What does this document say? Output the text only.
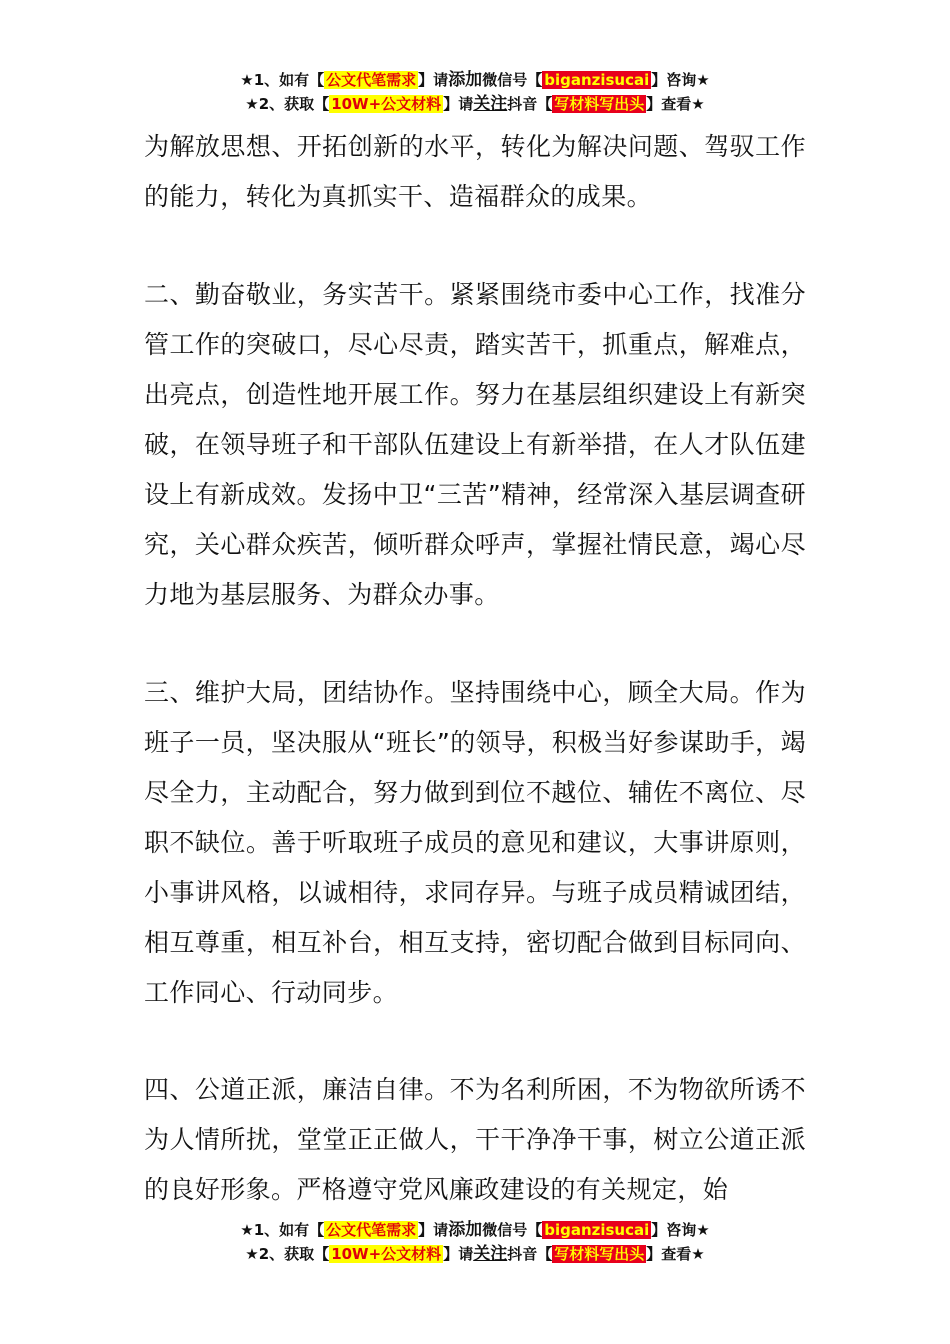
★1、如有【 公文代笔需求 】请添加微信号【 biganzisucai 】咨询★
★2、获取【 10W+公文材料 】请关注抖音【 写材料写出头 】查看★

为解放思想、开拓创新的水平，转化为解决问题、驾驭工作的能力，转化为真抓实干、造福群众的成果。

二、勤奋敬业，务实苦干。紧紧围绕市委中心工作，找准分管工作的突破口，尽心尽责，踏实苦干，抓重点，解难点，出亮点，创造性地开展工作。努力在基层组织建设上有新突破，在领导班子和干部队伍建设上有新举措，在人才队伍建设上有新成效。发扬中卫“三苦”精神，经常深入基层调查研究，关心群众疾苦，倾听群众呼声，掌握社情民意，竭心尽力地为基层服务、为群众办事。

三、维护大局，团结协作。坚持围绕中心，顾全大局。作为班子一员，坚决服从“班长”的领导，积极当好参谋助手，竭尽全力，主动配合，努力做到到位不越位、辅佐不离位、尽职不缺位。善于听取班子成员的意见和建议，大事讲原则，小事讲风格，以诚相待，求同存异。与班子成员精诚团结，相互尊重，相互补台，相互支持，密切配合做到目标同向、工作同心、行动同步。

四、公道正派，廉洁自律。不为名利所困，不为物欲所诱不为人情所扰，堂堂正正做人，干干净净干事，树立公道正派的良好形象。严格遵守党风廉政建设的有关规定，始

★1、如有【 公文代笔需求 】请添加微信号【 biganzisucai 】咨询★
★2、获取【 10W+公文材料 】请关注抖音【 写材料写出头 】查看★
